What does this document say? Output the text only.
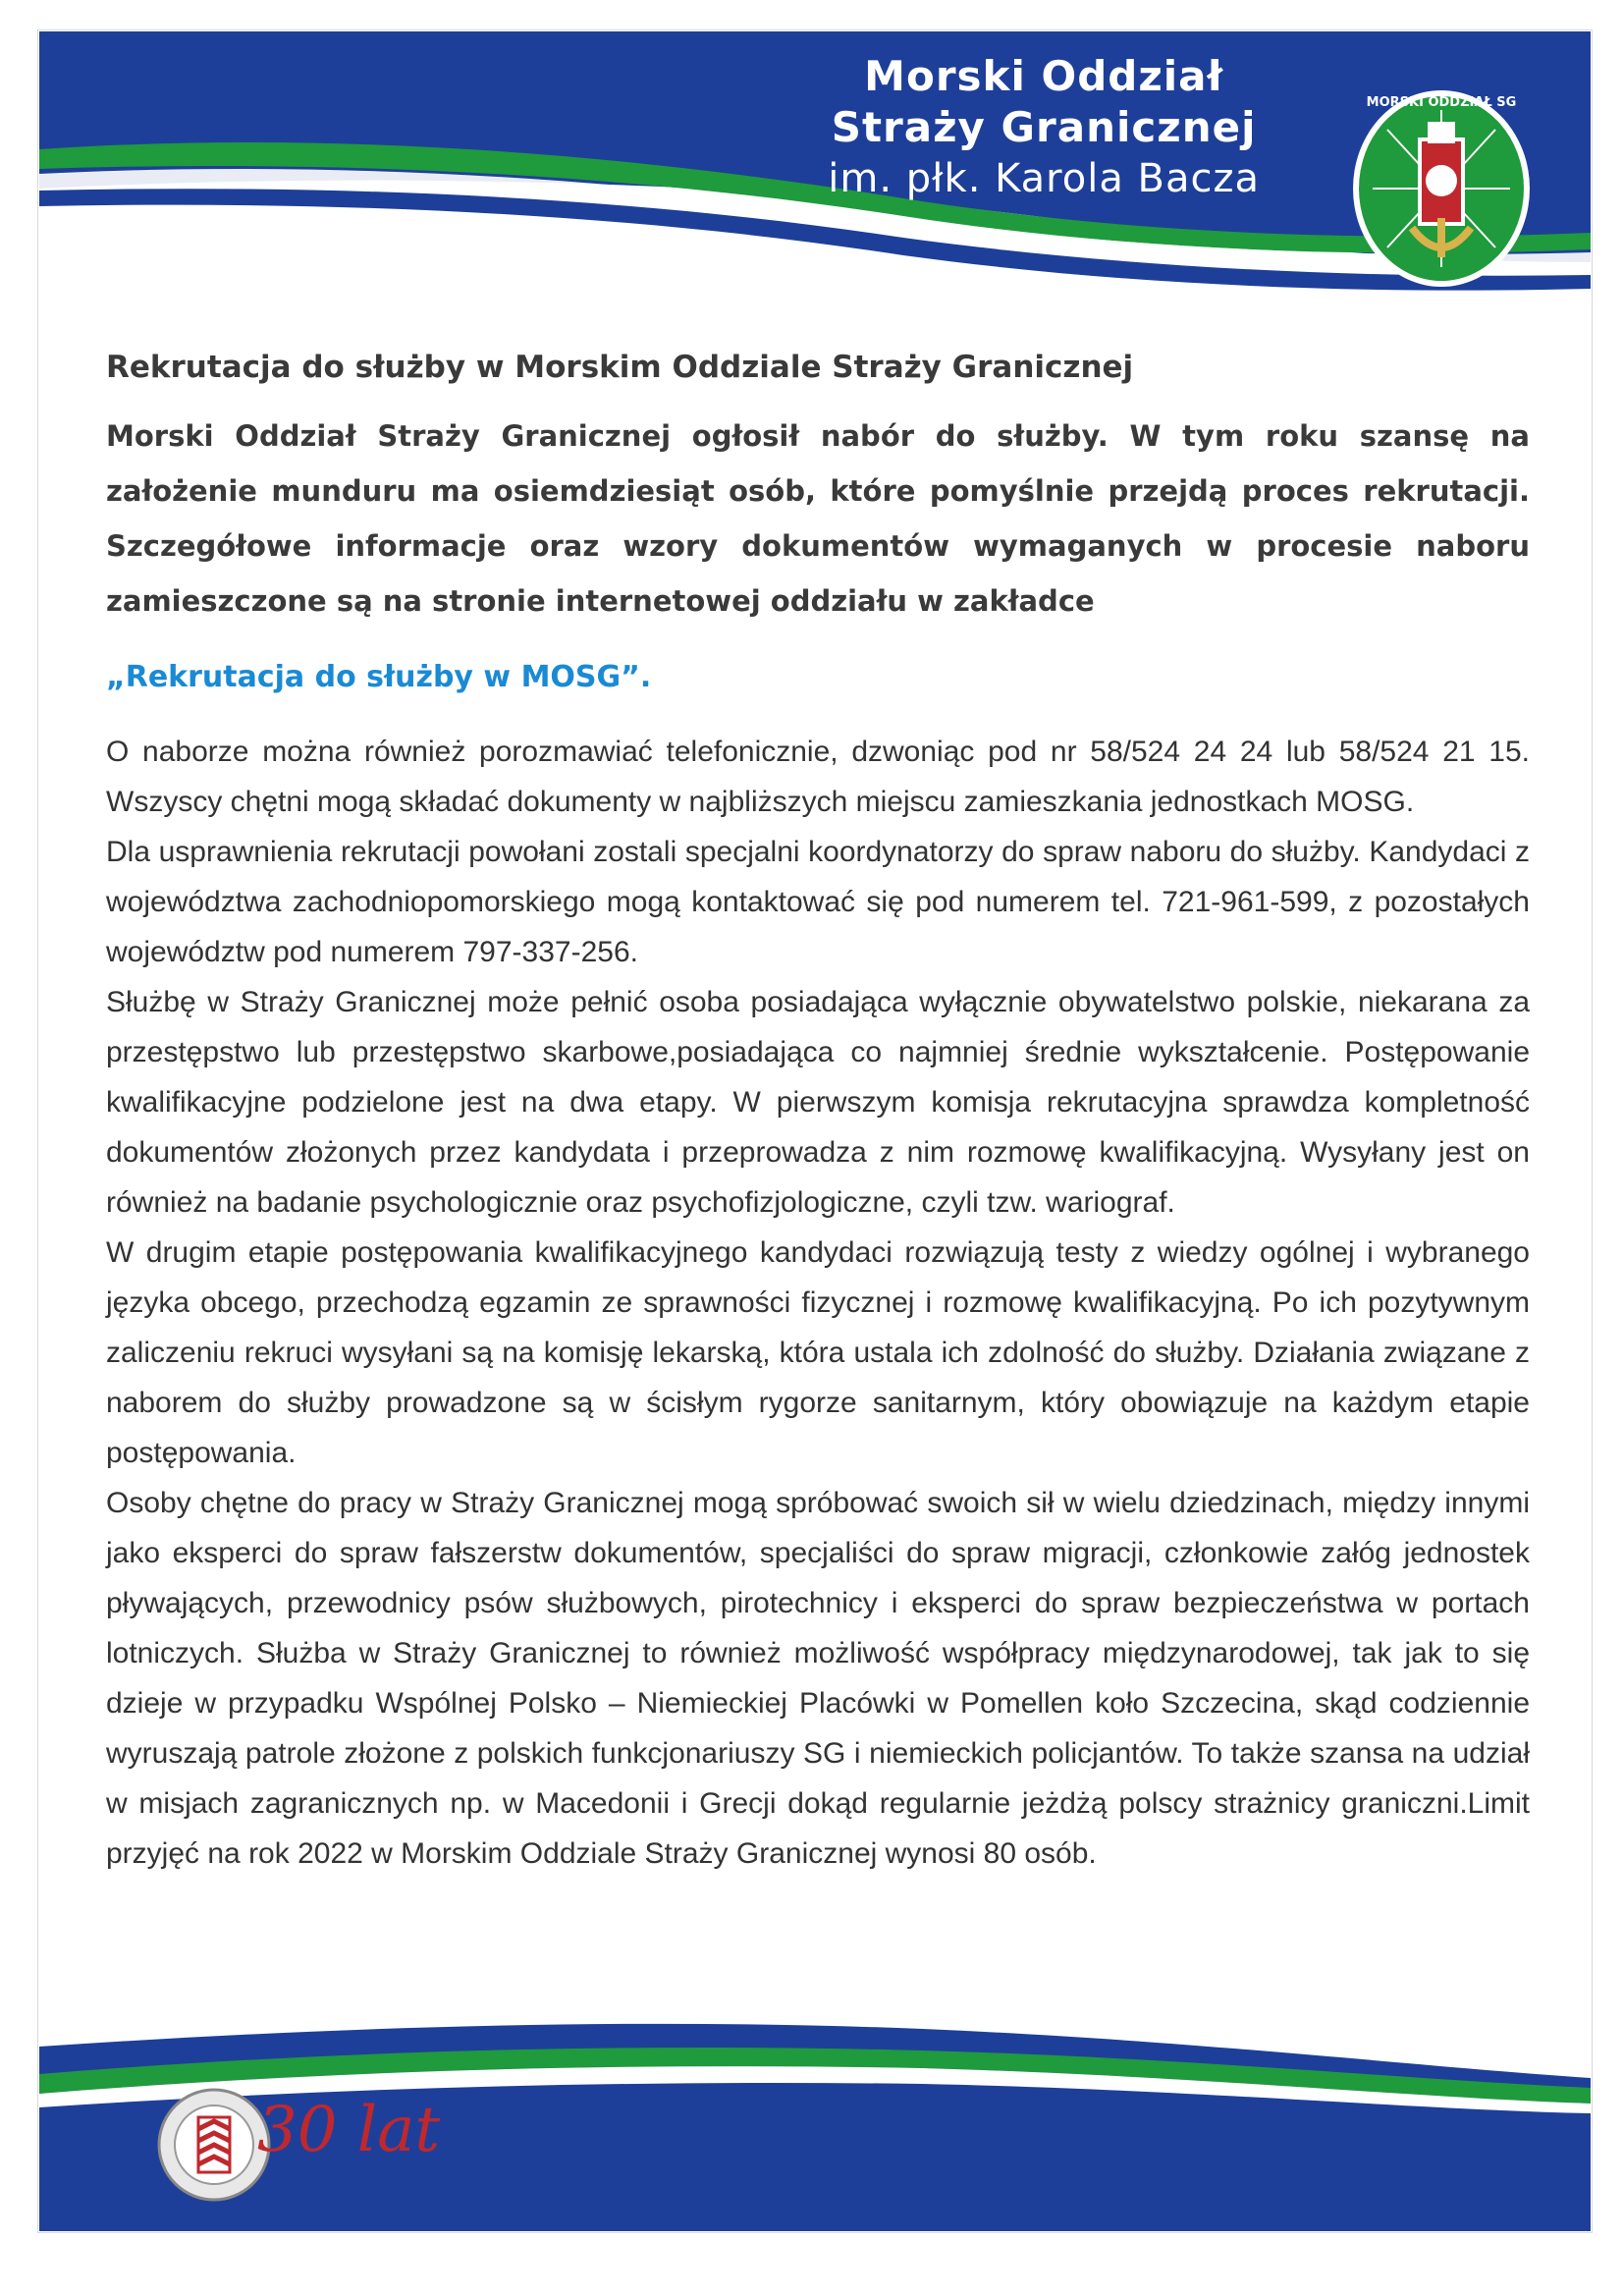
Morski Oddział
Straży Granicznej
im. płk. Karola Bacza
MORSKI ODDZIAŁ SG
Rekrutacja do służby w Morskim Oddziale Straży Granicznej

Morski Oddział Straży Granicznej ogłosił nabór do służby. W tym roku szansę na założenie munduru ma osiemdziesiąt osób, które pomyślnie przejdą proces rekrutacji. Szczegółowe informacje oraz wzory dokumentów wymaganych w procesie naboru zamieszczone są na stronie internetowej oddziału w zakładce

„Rekrutacja do służby w MOSG”.

O naborze można również porozmawiać telefonicznie, dzwoniąc pod nr 58/524 24 24 lub 58/524 21 15. Wszyscy chętni mogą składać dokumenty w najbliższych miejscu zamieszkania jednostkach MOSG.

Dla usprawnienia rekrutacji powołani zostali specjalni koordynatorzy do spraw naboru do służby. Kandydaci z województwa zachodniopomorskiego mogą kontaktować się pod numerem tel. 721-961-599, z pozostałych województw pod numerem 797-337-256.

Służbę w Straży Granicznej może pełnić osoba posiadająca wyłącznie obywatelstwo polskie, niekarana za przestępstwo lub przestępstwo skarbowe,posiadająca co najmniej średnie wykształcenie. Postępowanie kwalifikacyjne podzielone jest na dwa etapy. W pierwszym komisja rekrutacyjna sprawdza kompletność dokumentów złożonych przez kandydata i przeprowadza z nim rozmowę kwalifikacyjną. Wysyłany jest on również na badanie psychologicznie oraz psychofizjologiczne, czyli tzw. wariograf.

W drugim etapie postępowania kwalifikacyjnego kandydaci rozwiązują testy z wiedzy ogólnej i wybranego języka obcego, przechodzą egzamin ze sprawności fizycznej i rozmowę kwalifikacyjną. Po ich pozytywnym zaliczeniu rekruci wysyłani są na komisję lekarską, która ustala ich zdolność do służby. Działania związane z naborem do służby prowadzone są w ścisłym rygorze sanitarnym, który obowiązuje na każdym etapie postępowania.

Osoby chętne do pracy w Straży Granicznej mogą spróbować swoich sił w wielu dziedzinach, między innymi jako eksperci do spraw fałszerstw dokumentów, specjaliści do spraw migracji, członkowie załóg jednostek pływających, przewodnicy psów służbowych, pirotechnicy i eksperci do spraw bezpieczeństwa w portach lotniczych. Służba w Straży Granicznej to również możliwość współpracy międzynarodowej, tak jak to się dzieje w przypadku Wspólnej Polsko – Niemieckiej Placówki w Pomellen koło Szczecina, skąd codziennie wyruszają patrole złożone z polskich funkcjonariuszy SG i niemieckich policjantów. To także szansa na udział w misjach zagranicznych np. w Macedonii i Grecji dokąd regularnie jeżdżą polscy strażnicy graniczni.Limit przyjęć na rok 2022 w Morskim Oddziale Straży Granicznej wynosi 80 osób.

30 lat
